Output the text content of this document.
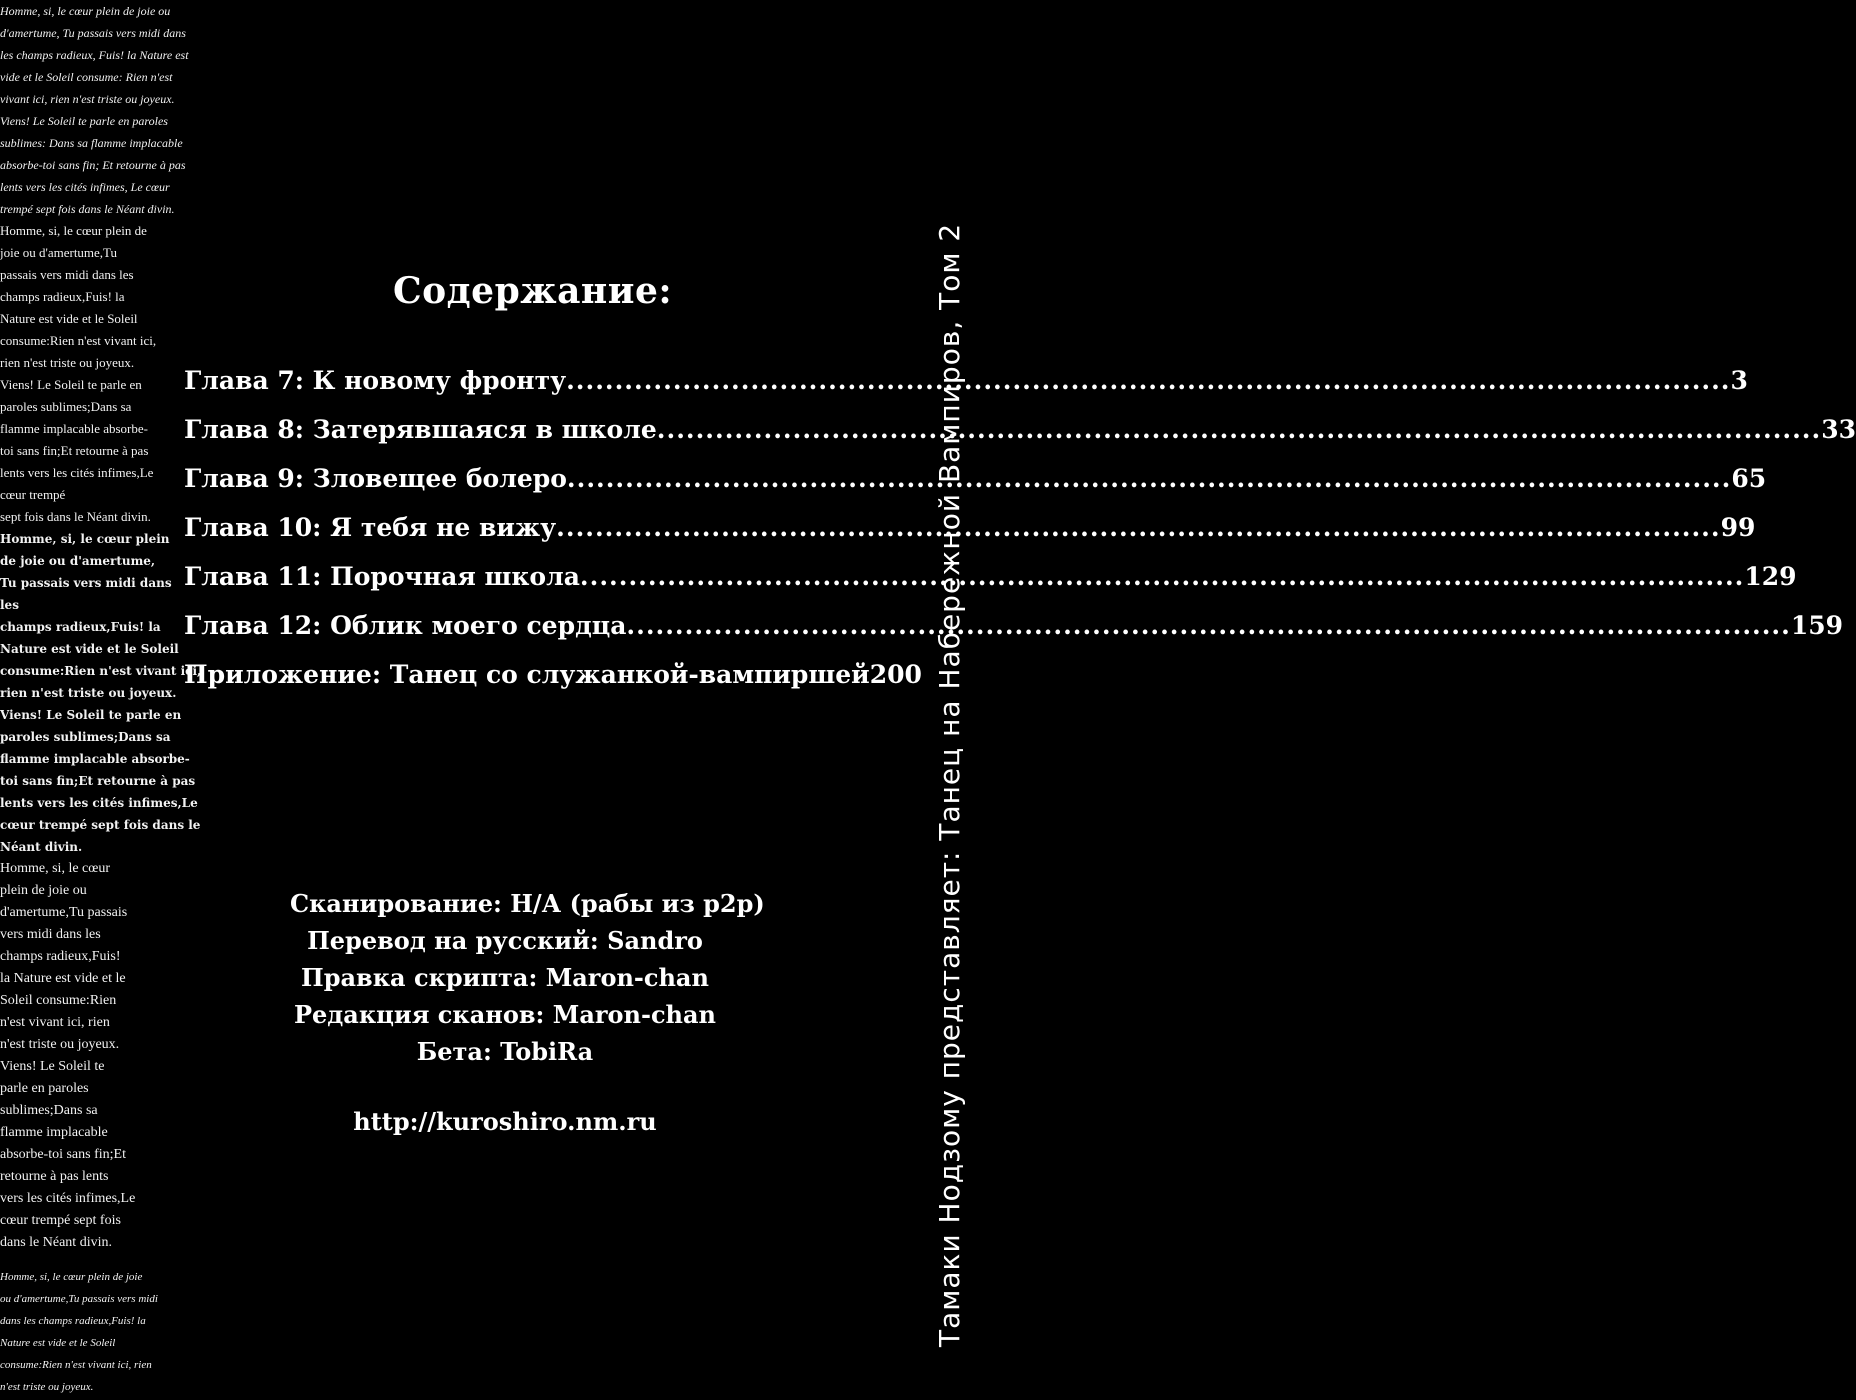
Homme, si, le cœur plein de joie ou
d'amertume, Tu passais vers midi dans
les champs radieux, Fuis! la Nature est
vide et le Soleil consume: Rien n'est
vivant ici, rien n'est triste ou joyeux.
Viens! Le Soleil te parle en paroles
sublimes: Dans sa flamme implacable
absorbe-toi sans fin; Et retourne à pas
lents vers les cités infimes, Le cœur
trempé sept fois dans le Néant divin.
Homme, si, le cœur plein de
joie ou d'amertume,Tu
passais vers midi dans les
champs radieux,Fuis! la
Nature est vide et le Soleil
consume:Rien n'est vivant ici,
rien n'est triste ou joyeux.
Viens! Le Soleil te parle en
paroles sublimes;Dans sa
flamme implacable absorbe-
toi sans fin;Et retourne à pas
lents vers les cités infimes,Le
cœur trempé
sept fois dans le Néant divin.
Homme, si, le cœur plein
de joie ou d'amertume,
Tu passais vers midi dans
les
champs radieux,Fuis! la
Nature est vide et le Soleil
consume:Rien n'est vivant ici,
rien n'est triste ou joyeux.
Viens! Le Soleil te parle en
paroles sublimes;Dans sa
flamme implacable absorbe-
toi sans fin;Et retourne à pas
lents vers les cités infimes,Le
cœur trempé sept fois dans le
Néant divin.
Homme, si, le cœur
plein de joie ou
d'amertume,Tu passais
vers midi dans les
champs radieux,Fuis!
la Nature est vide et le
Soleil consume:Rien
n'est vivant ici, rien
n'est triste ou joyeux.
Viens! Le Soleil te
parle en paroles
sublimes;Dans sa
flamme implacable
absorbe-toi sans fin;Et
retourne à pas lents
vers les cités infimes,Le
cœur trempé sept fois
dans le Néant divin.
Homme, si, le cœur plein de joie
ou d'amertume,Tu passais vers midi
dans les champs radieux,Fuis! la
Nature est vide et le Soleil
consume:Rien n'est vivant ici, rien
n'est triste ou joyeux.
Содержание:
Глава 7: К новому фронту ........................................................................................................................ 3
Глава 8: Затерявшаяся в школе ........................................................................................................................ 33
Глава 9: Зловещее болеро ........................................................................................................................ 65
Глава 10: Я тебя не вижу ........................................................................................................................ 99
Глава 11: Порочная школа ........................................................................................................................ 129
Глава 12: Облик моего сердца ........................................................................................................................ 159
Приложение: Танец со служанкой-вампиршей 200
Сканирование: Н/А (рабы из p2p)
Перевод на русский: Sandro
Правка скрипта: Maron-chan
Редакция сканов: Maron-chan
Бета: TobiRa
http://kuroshiro.nm.ru	Тамаки Нодзому представляет: Танец на Набережной Вампиров, Том 2
